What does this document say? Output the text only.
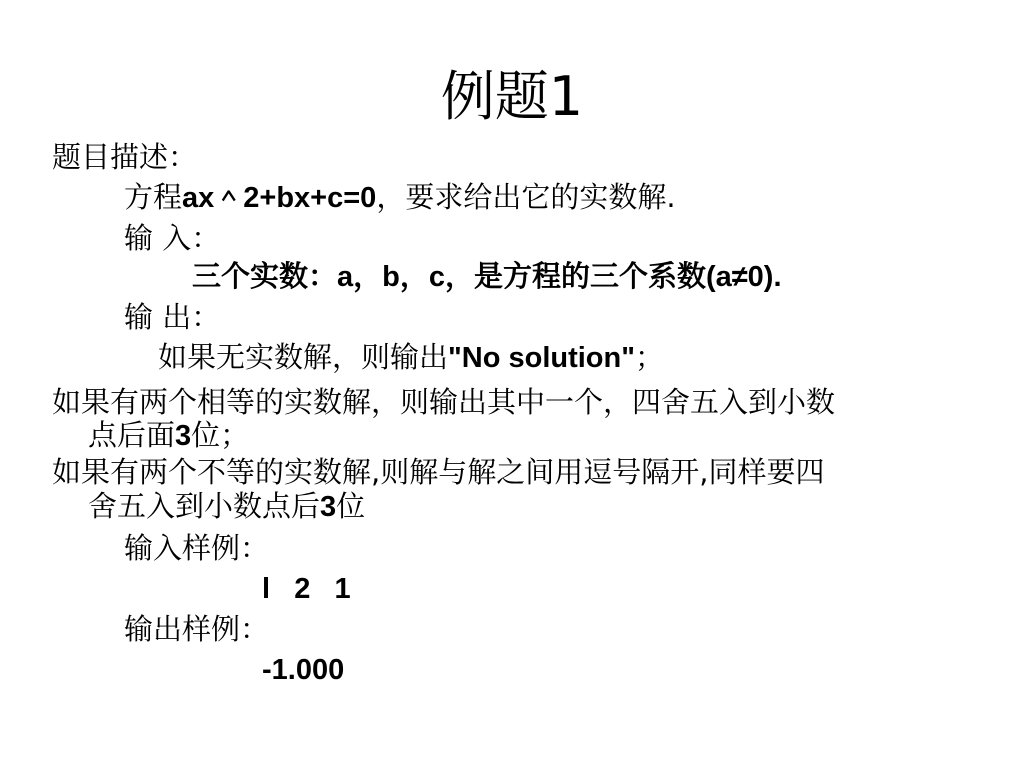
例题1
题目描述：
方程ax＾2+bx+c=0，要求给出它的实数解.
输 入：
三个实数：a，b，c，是方程的三个系数(a≠0).
输 出：
如果无实数解，则输出"No solution"；
如果有两个相等的实数解，则输出其中一个，四舍五入到小数
点后面3位；
如果有两个不等的实数解,则解与解之间用逗号隔开,同样要四
舍五入到小数点后3位
输入样例：
l   2   1
输出样例：
-1.000
